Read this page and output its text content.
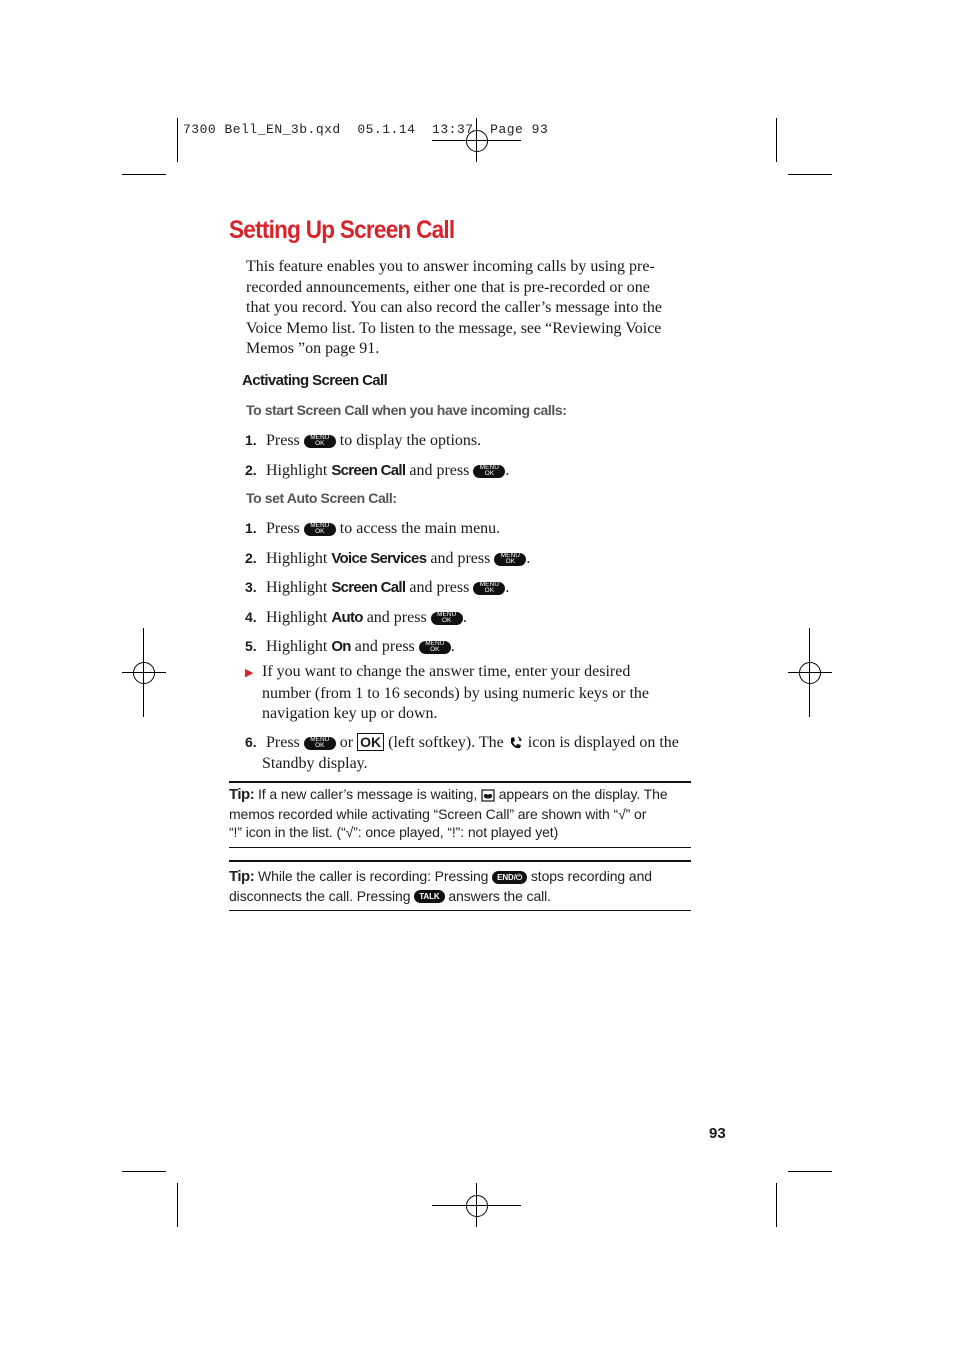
7300 Bell_EN_3b.qxd  05.1.14  13:37  Page 93
Setting Up Screen Call
This feature enables you to answer incoming calls by using pre-
recorded announcements, either one that is pre-recorded or one
that you record. You can also record the caller’s message into the
Voice Memo list. To listen to the message, see “Reviewing Voice
Memos ”on page 91.
Activating Screen Call
To start Screen Call when you have incoming calls:
1. Press	MENU
OK to display the options.
2. Highlight Screen Call and press	MENU
OK .
To set Auto Screen Call:
1. Press	MENU
OK to access the main menu.
2. Highlight Voice Services and press	MENU
OK .
3. Highlight Screen Call and press	MENU
OK .
4. Highlight Auto and press	MENU
OK .
5. Highlight On and press	MENU
OK .
▶ If you want to change the answer time, enter your desired
number (from 1 to 16 seconds) by using numeric keys or the
navigation key up or down.
6. Press	MENU
OK or OK (left softkey). The icon is displayed on the
Standby display.
Tip: If a new caller’s message is waiting, appears on the display. The
memos recorded while activating “Screen Call” are shown with “√” or
“!” icon in the list. (“√”: once played, “!”: not played yet)
Tip: While the caller is recording: Pressing END/⏻ stops recording and
disconnects the call. Pressing TALK answers the call.
93
